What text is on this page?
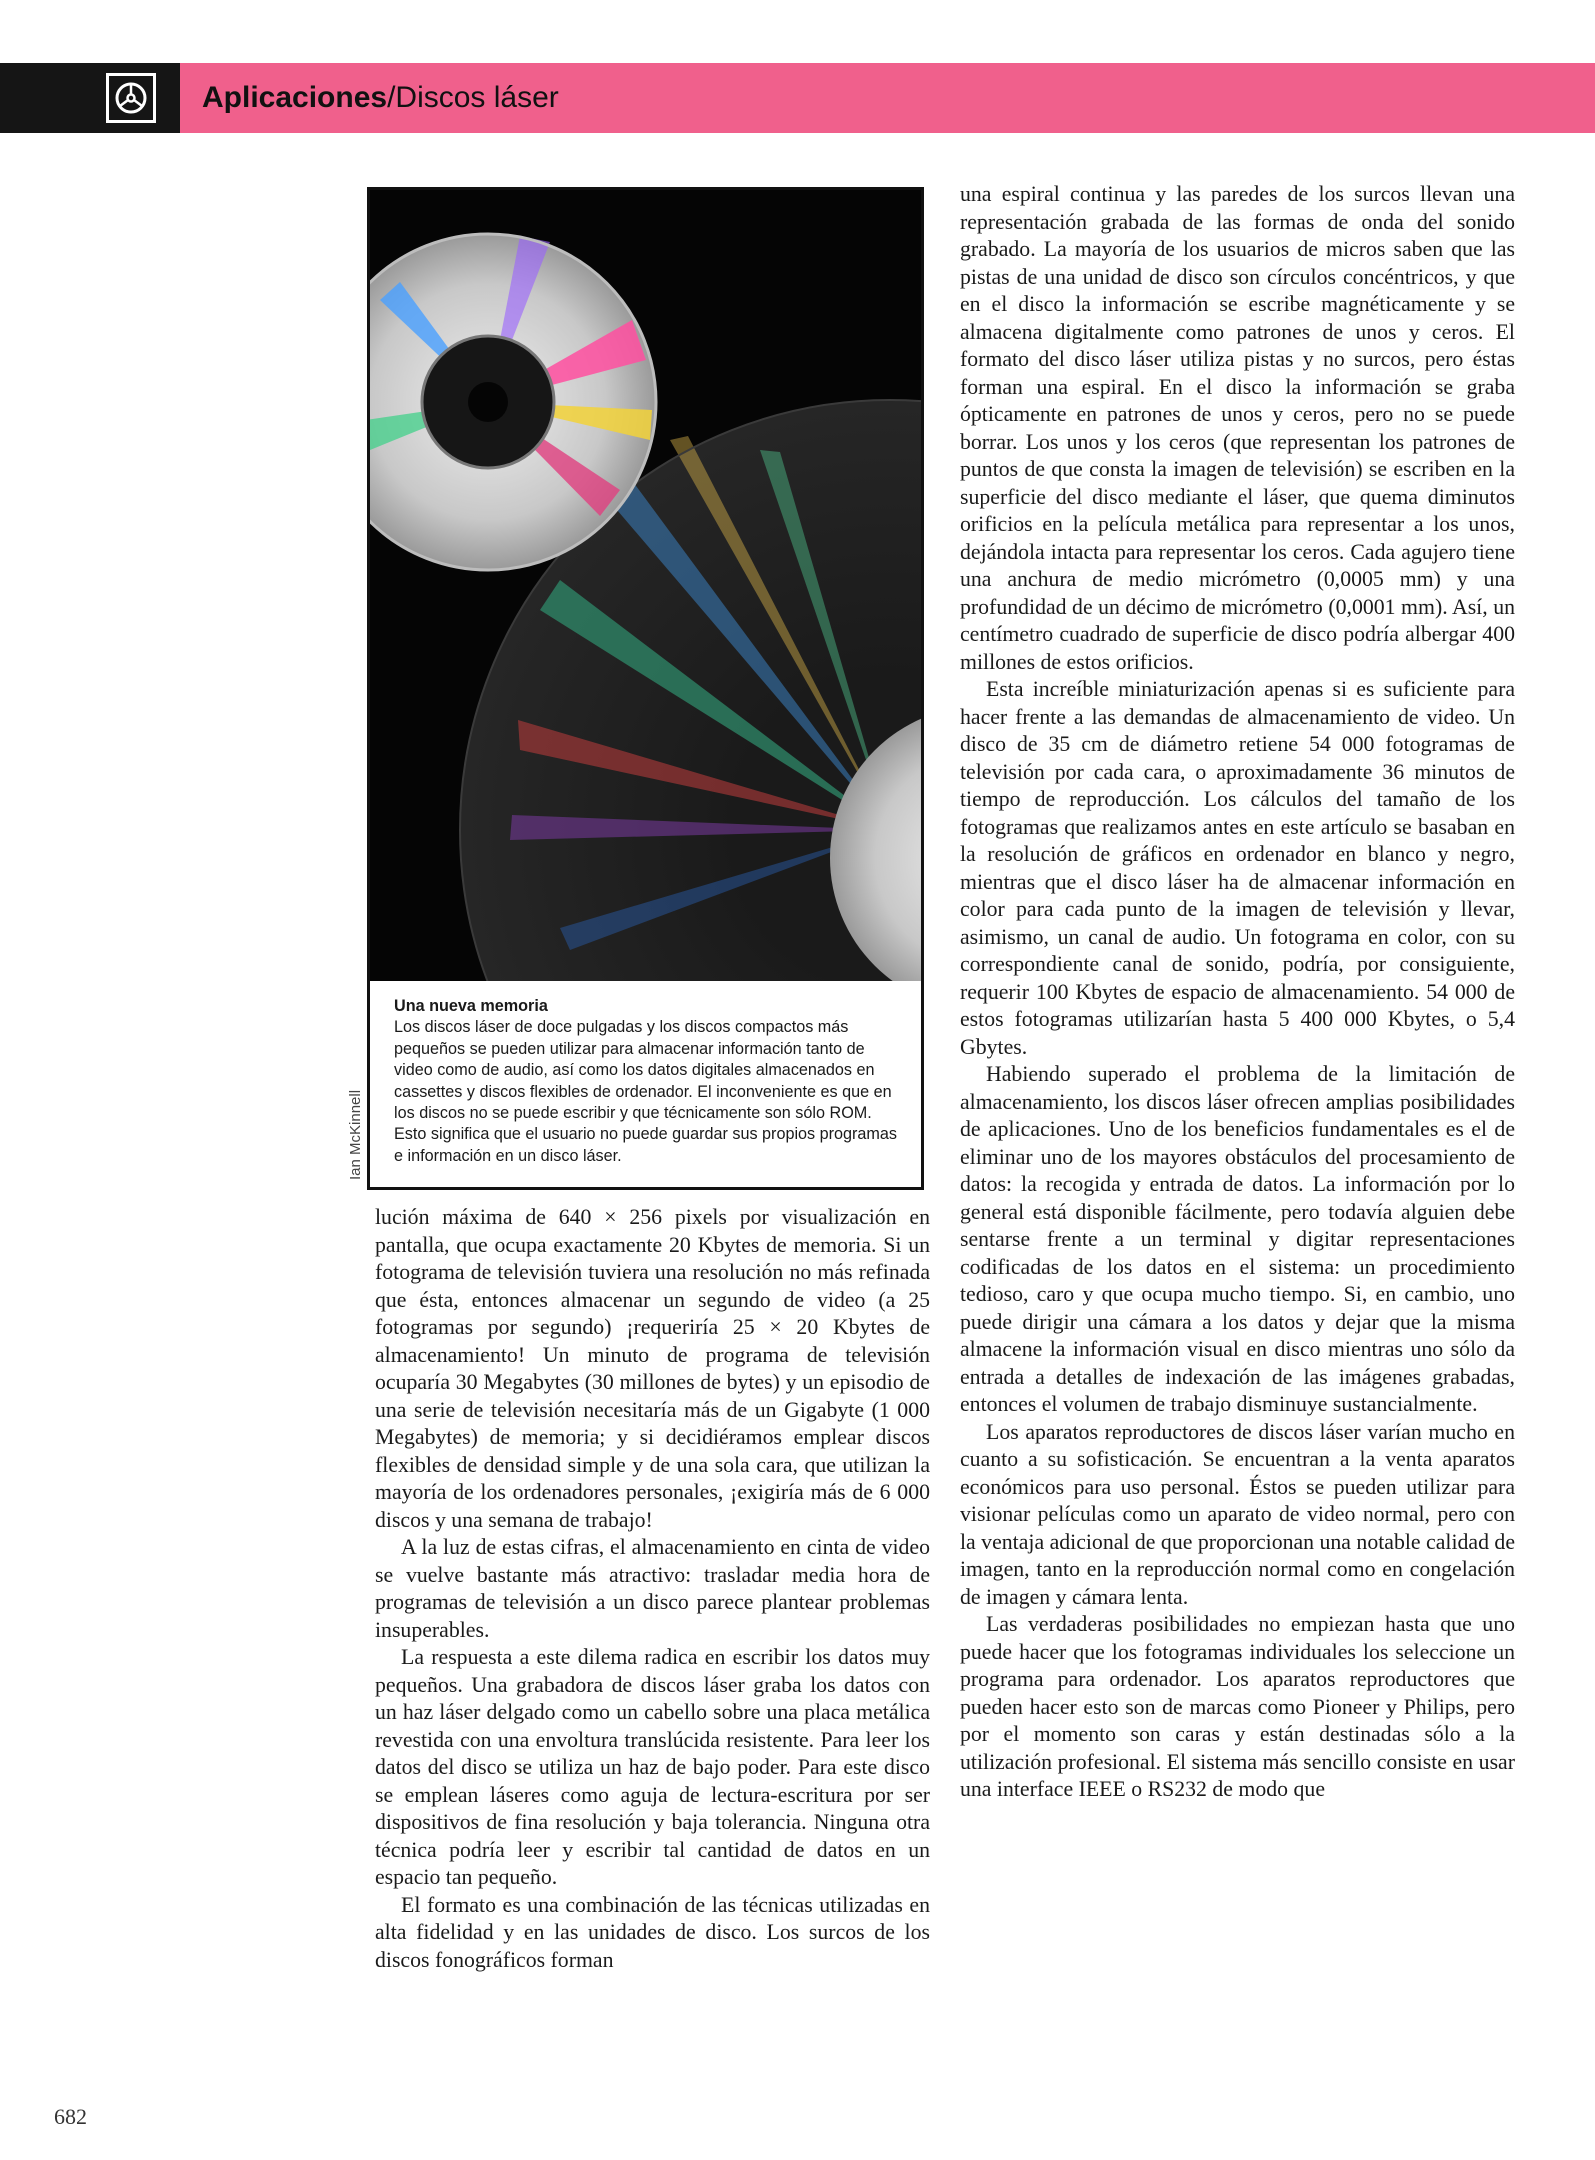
Aplicaciones/Discos láser
Una nueva memoria
Los discos láser de doce pulgadas y los discos compactos más pequeños se pueden utilizar para almacenar información tanto de video como de audio, así como los datos digitales almacenados en cassettes y discos flexibles de ordenador. El inconveniente es que en los discos no se puede escribir y que técnicamente son sólo ROM. Esto significa que el usuario no puede guardar sus propios programas e información en un disco láser.
Ian McKinnell

lución máxima de 640 × 256 pixels por visualización en pantalla, que ocupa exactamente 20 Kbytes de memoria. Si un fotograma de televisión tuviera una resolución no más refinada que ésta, entonces almacenar un segundo de video (a 25 fotogramas por segundo) ¡requeriría 25 × 20 Kbytes de almacenamiento! Un minuto de programa de televisión ocuparía 30 Megabytes (30 millones de bytes) y un episodio de una serie de televisión necesitaría más de un Gigabyte (1 000 Megabytes) de memoria; y si decidiéramos emplear discos flexibles de densidad simple y de una sola cara, que utilizan la mayoría de los ordenadores personales, ¡exigiría más de 6 000 discos y una semana de trabajo!

A la luz de estas cifras, el almacenamiento en cinta de video se vuelve bastante más atractivo: trasladar media hora de programas de televisión a un disco parece plantear problemas insuperables.

La respuesta a este dilema radica en escribir los datos muy pequeños. Una grabadora de discos láser graba los datos con un haz láser delgado como un cabello sobre una placa metálica revestida con una envoltura translúcida resistente. Para leer los datos del disco se utiliza un haz de bajo poder. Para este disco se emplean láseres como aguja de lectura-escritura por ser dispositivos de fina resolución y baja tolerancia. Ninguna otra técnica podría leer y escribir tal cantidad de datos en un espacio tan pequeño.

El formato es una combinación de las técnicas utilizadas en alta fidelidad y en las unidades de disco. Los surcos de los discos fonográficos forman

una espiral continua y las paredes de los surcos llevan una representación grabada de las formas de onda del sonido grabado. La mayoría de los usuarios de micros saben que las pistas de una unidad de disco son círculos concéntricos, y que en el disco la información se escribe magnéticamente y se almacena digitalmente como patrones de unos y ceros. El formato del disco láser utiliza pistas y no surcos, pero éstas forman una espiral. En el disco la información se graba ópticamente en patrones de unos y ceros, pero no se puede borrar. Los unos y los ceros (que representan los patrones de puntos de que consta la imagen de televisión) se escriben en la superficie del disco mediante el láser, que quema diminutos orificios en la película metálica para representar a los unos, dejándola intacta para representar los ceros. Cada agujero tiene una anchura de medio micrómetro (0,0005 mm) y una profundidad de un décimo de micrómetro (0,0001 mm). Así, un centímetro cuadrado de superficie de disco podría albergar 400 millones de estos orificios.

Esta increíble miniaturización apenas si es suficiente para hacer frente a las demandas de almacenamiento de video. Un disco de 35 cm de diámetro retiene 54 000 fotogramas de televisión por cada cara, o aproximadamente 36 minutos de tiempo de reproducción. Los cálculos del tamaño de los fotogramas que realizamos antes en este artículo se basaban en la resolución de gráficos en ordenador en blanco y negro, mientras que el disco láser ha de almacenar información en color para cada punto de la imagen de televisión y llevar, asimismo, un canal de audio. Un fotograma en color, con su correspondiente canal de sonido, podría, por consiguiente, requerir 100 Kbytes de espacio de almacenamiento. 54 000 de estos fotogramas utilizarían hasta 5 400 000 Kbytes, o 5,4 Gbytes.

Habiendo superado el problema de la limitación de almacenamiento, los discos láser ofrecen amplias posibilidades de aplicaciones. Uno de los beneficios fundamentales es el de eliminar uno de los mayores obstáculos del procesamiento de datos: la recogida y entrada de datos. La información por lo general está disponible fácilmente, pero todavía alguien debe sentarse frente a un terminal y digitar representaciones codificadas de los datos en el sistema: un procedimiento tedioso, caro y que ocupa mucho tiempo. Si, en cambio, uno puede dirigir una cámara a los datos y dejar que la misma almacene la información visual en disco mientras uno sólo da entrada a detalles de indexación de las imágenes grabadas, entonces el volumen de trabajo disminuye sustancialmente.

Los aparatos reproductores de discos láser varían mucho en cuanto a su sofisticación. Se encuentran a la venta aparatos económicos para uso personal. Éstos se pueden utilizar para visionar películas como un aparato de video normal, pero con la ventaja adicional de que proporcionan una notable calidad de imagen, tanto en la reproducción normal como en congelación de imagen y cámara lenta.

Las verdaderas posibilidades no empiezan hasta que uno puede hacer que los fotogramas individuales los seleccione un programa para ordenador. Los aparatos reproductores que pueden hacer esto son de marcas como Pioneer y Philips, pero por el momento son caras y están destinadas sólo a la utilización profesional. El sistema más sencillo consiste en usar una interface IEEE o RS232 de modo que

682
